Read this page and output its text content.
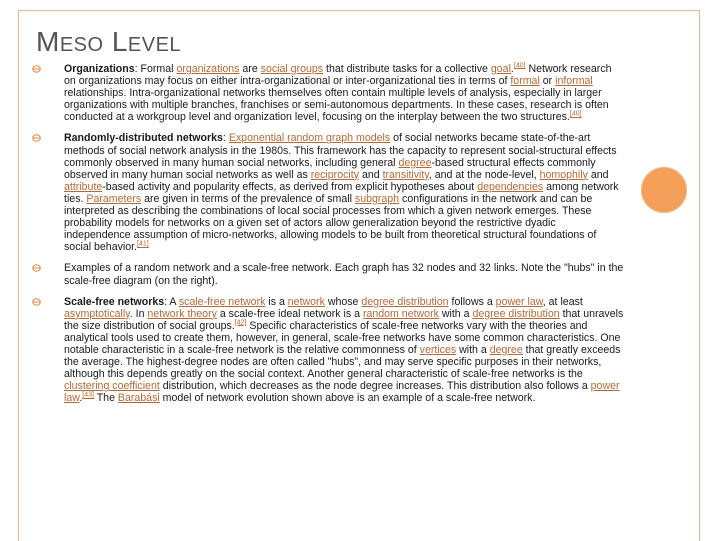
Meso Level
Organizations: Formal organizations are social groups that distribute tasks for a collective goal.[40] Network research on organizations may focus on either intra-organizational or inter-organizational ties in terms of formal or informal relationships. Intra-organizational networks themselves often contain multiple levels of analysis, especially in larger organizations with multiple branches, franchises or semi-autonomous departments. In these cases, research is often conducted at a workgroup level and organization level, focusing on the interplay between the two structures.[40]
Randomly-distributed networks: Exponential random graph models of social networks became state-of-the-art methods of social network analysis in the 1980s. This framework has the capacity to represent social-structural effects commonly observed in many human social networks, including general degree-based structural effects commonly observed in many human social networks as well as reciprocity and transitivity, and at the node-level, homophily and attribute-based activity and popularity effects, as derived from explicit hypotheses about dependencies among network ties. Parameters are given in terms of the prevalence of small subgraph configurations in the network and can be interpreted as describing the combinations of local social processes from which a given network emerges. These probability models for networks on a given set of actors allow generalization beyond the restrictive dyadic independence assumption of micro-networks, allowing models to be built from theoretical structural foundations of social behavior.[41]
Examples of a random network and a scale-free network. Each graph has 32 nodes and 32 links. Note the "hubs" in the scale-free diagram (on the right).
Scale-free networks: A scale-free network is a network whose degree distribution follows a power law, at least asymptotically. In network theory a scale-free ideal network is a random network with a degree distribution that unravels the size distribution of social groups.[42] Specific characteristics of scale-free networks vary with the theories and analytical tools used to create them, however, in general, scale-free networks have some common characteristics. One notable characteristic in a scale-free network is the relative commonness of vertices with a degree that greatly exceeds the average. The highest-degree nodes are often called "hubs", and may serve specific purposes in their networks, although this depends greatly on the social context. Another general characteristic of scale-free networks is the clustering coefficient distribution, which decreases as the node degree increases. This distribution also follows a power law.[43] The Barabási model of network evolution shown above is an example of a scale-free network.
